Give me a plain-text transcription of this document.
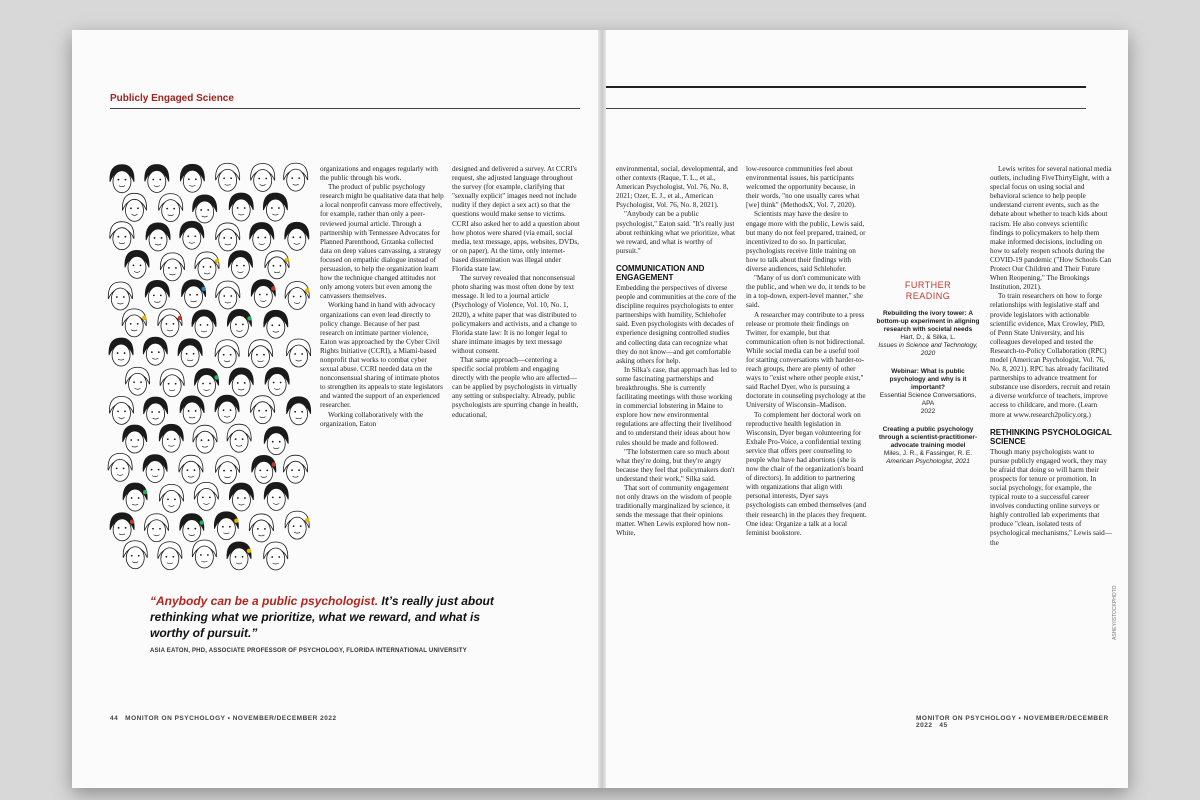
Publicly Engaged Science

organizations and engages regularly with the public through his work.

The product of public psychology research might be qualitative data that help a local nonprofit canvass more effectively, for example, rather than only a peer-reviewed journal article. Through a partnership with Tennessee Advocates for Planned Parenthood, Grzanka collected data on deep values canvassing, a strategy focused on empathic dialogue instead of persuasion, to help the organization learn how the technique changed attitudes not only among voters but even among the canvassers themselves.

Working hand in hand with advocacy organizations can even lead directly to policy change. Because of her past research on intimate partner violence, Eaton was approached by the Cyber Civil Rights Initiative (CCRI), a Miami-based nonprofit that works to combat cyber sexual abuse. CCRI needed data on the nonconsensual sharing of intimate photos to strengthen its appeals to state legislators and wanted the support of an experienced researcher.

Working collaboratively with the organization, Eaton

designed and delivered a survey. At CCRI's request, she adjusted language throughout the survey (for example, clarifying that "sexually explicit" images need not include nudity if they depict a sex act) so that the questions would make sense to victims. CCRI also asked her to add a question about how photos were shared (via email, social media, text message, apps, websites, DVDs, or on paper). At the time, only internet-based dissemination was illegal under Florida state law.

The survey revealed that nonconsensual photo sharing was most often done by text message. It led to a journal article (Psychology of Violence, Vol. 10, No. 1, 2020), a white paper that was distributed to policymakers and activists, and a change to Florida state law: It is no longer legal to share intimate images by text message without consent.

That same approach—centering a specific social problem and engaging directly with the people who are affected—can be applied by psychologists in virtually any setting or subspecialty. Already, public psychologists are spurring change in health, educational,

“Anybody can be a public psychologist. It’s really just about rethinking what we prioritize, what we reward, and what is worthy of pursuit.”
ASIA EATON, PHD, ASSOCIATE PROFESSOR OF PSYCHOLOGY, FLORIDA INTERNATIONAL UNIVERSITY
44 MONITOR ON PSYCHOLOGY • NOVEMBER/DECEMBER 2022
ASHEY/ISTOCKPHOTO

environmental, social, developmental, and other contexts (Raque, T. L., et al., American Psychologist, Vol. 76, No. 8, 2021; Ozer, E. J., et al., American Psychologist, Vol. 76, No. 8, 2021).

"Anybody can be a public psychologist," Eaton said. "It's really just about rethinking what we prioritize, what we reward, and what is worthy of pursuit."

COMMUNICATION AND ENGAGEMENT

Embedding the perspectives of diverse people and communities at the core of the discipline requires psychologists to enter partnerships with humility, Schlehofer said. Even psychologists with decades of experience designing controlled studies and collecting data can recognize what they do not know—and get comfortable asking others for help.

In Silka's case, that approach has led to some fascinating partnerships and breakthroughs. She is currently facilitating meetings with those working in commercial lobstering in Maine to explore how new environmental regulations are affecting their livelihood and to understand their ideas about how rules should be made and followed.

"The lobstermen care so much about what they're doing, but they're angry because they feel that policymakers don't understand their work," Silka said.

That sort of community engagement not only draws on the wisdom of people traditionally marginalized by science, it sends the message that their opinions matter. When Lewis explored how non-White,

low-resource communities feel about environmental issues, his participants welcomed the opportunity because, in their words, "no one usually cares what [we] think" (MethodsX, Vol. 7, 2020).

Scientists may have the desire to engage more with the public, Lewis said, but many do not feel prepared, trained, or incentivized to do so. In particular, psychologists receive little training on how to talk about their findings with diverse audiences, said Schlehofer.

"Many of us don't communicate with the public, and when we do, it tends to be in a top-down, expert-level manner," she said.

A researcher may contribute to a press release or promote their findings on Twitter, for example, but that communication often is not bidirectional. While social media can be a useful tool for starting conversations with harder-to-reach groups, there are plenty of other ways to "exist where other people exist," said Rachel Dyer, who is pursuing a doctorate in counseling psychology at the University of Wisconsin–Madison.

To complement her doctoral work on reproductive health legislation in Wisconsin, Dyer began volunteering for Exhale Pro-Voice, a confidential texting service that offers peer counseling to people who have had abortions (she is now the chair of the organization's board of directors). In addition to partnering with organizations that align with personal interests, Dyer says psychologists can embed themselves (and their research) in the places they frequent. One idea: Organize a talk at a local feminist bookstore.

FURTHER
READING
Rebuilding the ivory tower: A bottom-up experiment in aligning research with societal needs
Hart, D., & Silka, L.
Issues in Science and Technology, 2020
Webinar: What is public psychology and why is it important?
Essential Science Conversations, APA
2022
Creating a public psychology through a scientist-practitioner-advocate training model
Miles, J. R., & Fassinger, R. E.
American Psychologist, 2021

Lewis writes for several national media outlets, including FiveThirtyEight, with a special focus on using social and behavioral science to help people understand current events, such as the debate about whether to teach kids about racism. He also conveys scientific findings to policymakers to help them make informed decisions, including on how to safely reopen schools during the COVID-19 pandemic ("How Schools Can Protect Our Children and Their Future When Reopening," The Brookings Institution, 2021).

To train researchers on how to forge relationships with legislative staff and provide legislators with actionable scientific evidence, Max Crowley, PhD, of Penn State University, and his colleagues developed and tested the Research-to-Policy Collaboration (RPC) model (American Psychologist, Vol. 76, No. 8, 2021). RPC has already facilitated partnerships to advance treatment for substance use disorders, recruit and retain a diverse workforce of teachers, improve access to childcare, and more. (Learn more at www.research2policy.org.)

RETHINKING PSYCHOLOGICAL SCIENCE

Though many psychologists want to pursue publicly engaged work, they may be afraid that doing so will harm their prospects for tenure or promotion. In social psychology, for example, the typical route to a successful career involves conducting online surveys or highly controlled lab experiments that produce "clean, isolated tests of psychological mechanisms," Lewis said—the

MONITOR ON PSYCHOLOGY • NOVEMBER/DECEMBER 2022 45
